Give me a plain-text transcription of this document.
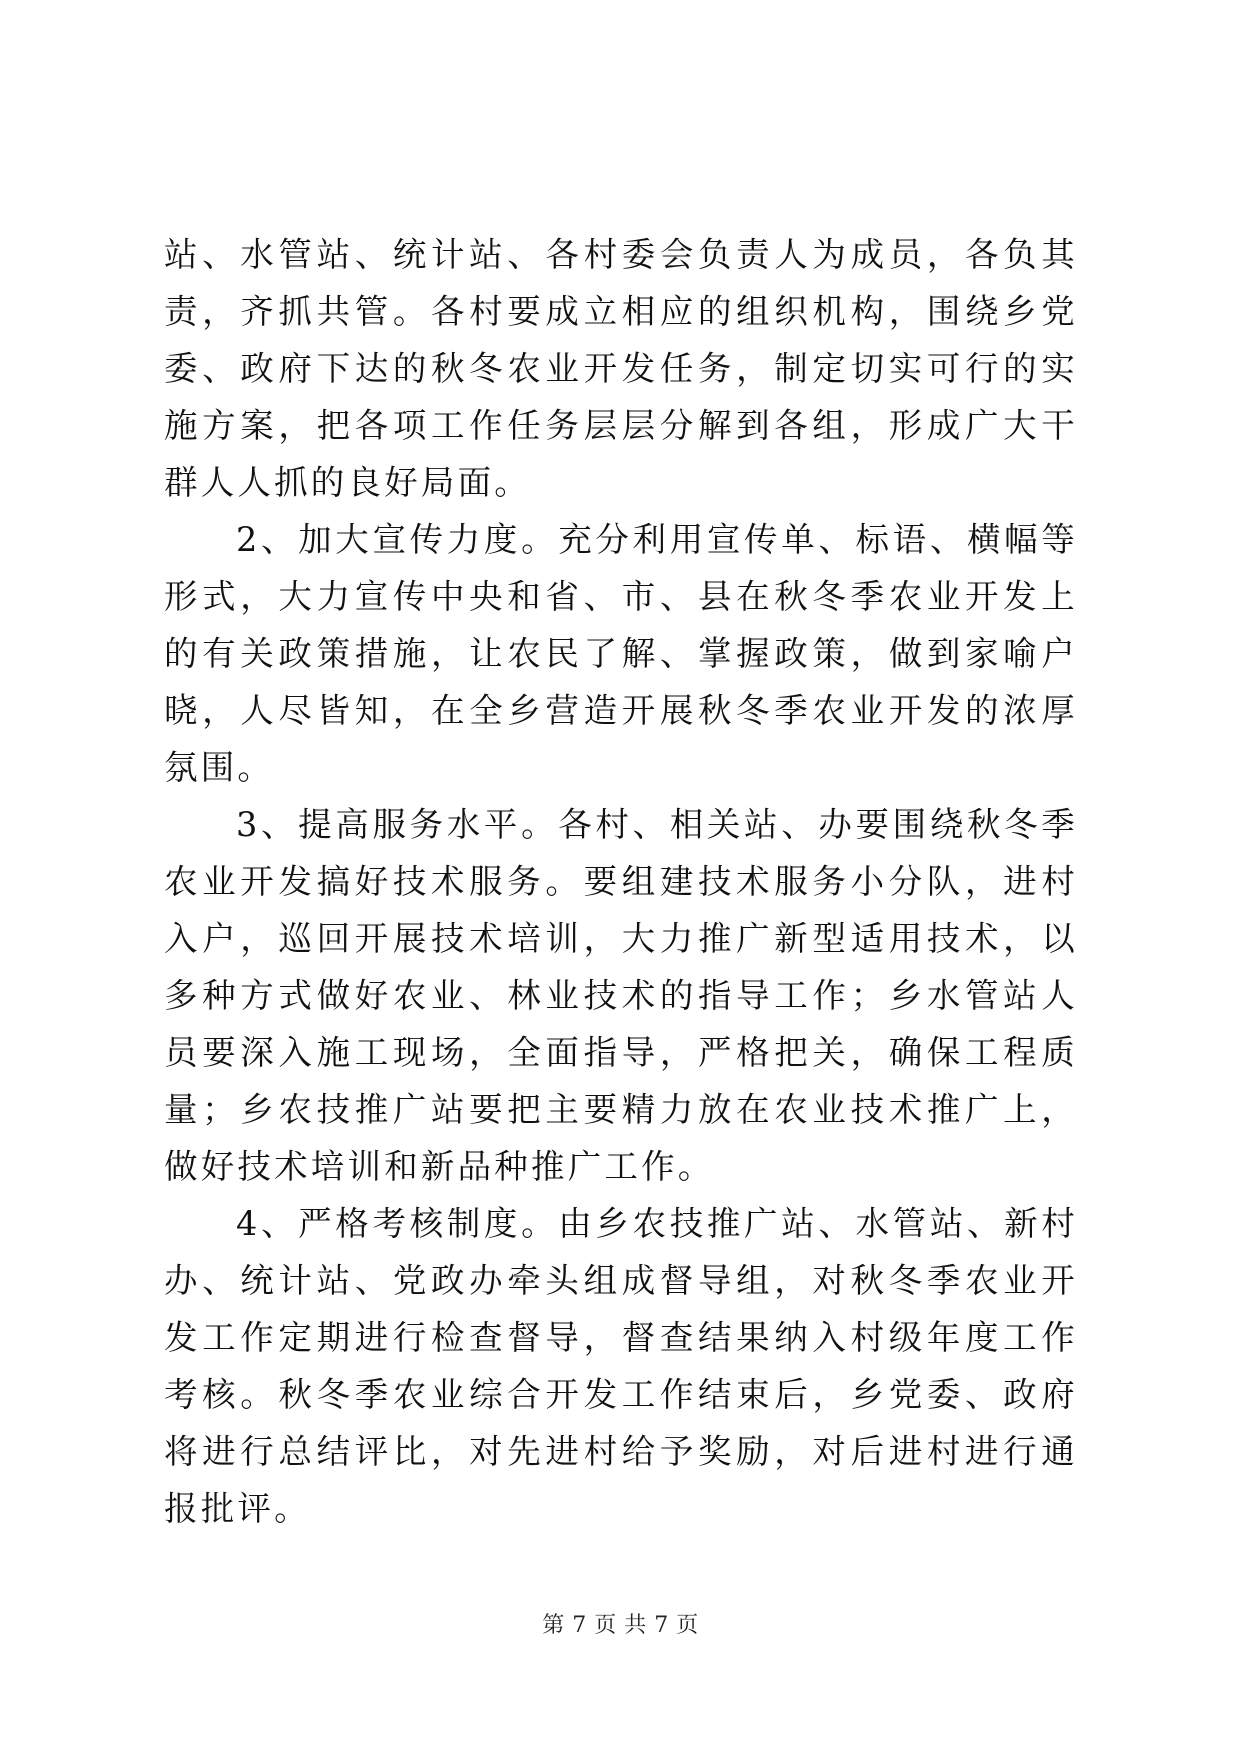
站、水管站、统计站、各村委会负责人为成员，各负其责，齐抓共管。各村要成立相应的组织机构，围绕乡党委、政府下达的秋冬农业开发任务，制定切实可行的实施方案，把各项工作任务层层分解到各组，形成广大干群人人抓的良好局面。

2、加大宣传力度。充分利用宣传单、标语、横幅等形式，大力宣传中央和省、市、县在秋冬季农业开发上的有关政策措施，让农民了解、掌握政策，做到家喻户晓，人尽皆知，在全乡营造开展秋冬季农业开发的浓厚氛围。

3、提高服务水平。各村、相关站、办要围绕秋冬季农业开发搞好技术服务。要组建技术服务小分队，进村入户，巡回开展技术培训，大力推广新型适用技术，以多种方式做好农业、林业技术的指导工作；乡水管站人员要深入施工现场，全面指导，严格把关，确保工程质量；乡农技推广站要把主要精力放在农业技术推广上，做好技术培训和新品种推广工作。

4、严格考核制度。由乡农技推广站、水管站、新村办、统计站、党政办牵头组成督导组，对秋冬季农业开发工作定期进行检查督导，督查结果纳入村级年度工作考核。秋冬季农业综合开发工作结束后，乡党委、政府将进行总结评比，对先进村给予奖励，对后进村进行通报批评。

第 7 页 共 7 页
